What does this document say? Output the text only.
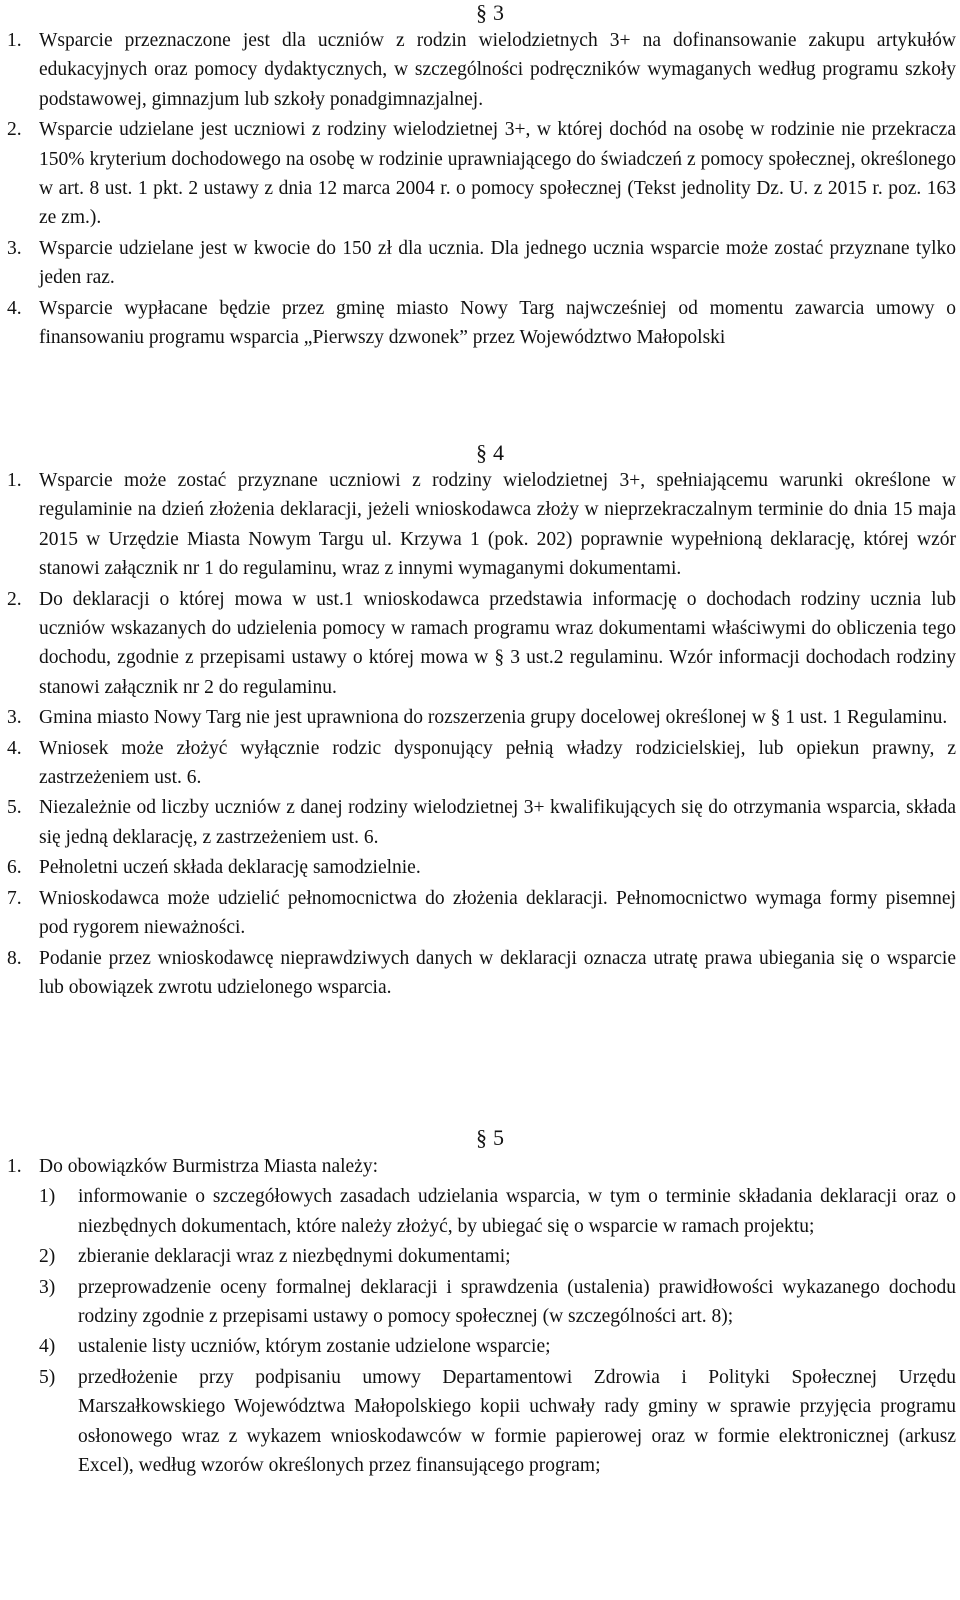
§ 3
1. Wsparcie przeznaczone jest dla uczniów z rodzin wielodzietnych 3+ na dofinansowanie zakupu artykułów edukacyjnych oraz pomocy dydaktycznych, w szczególności podręczników wymaganych według programu szkoły podstawowej, gimnazjum lub szkoły ponadgimnazjalnej.
2. Wsparcie udzielane jest uczniowi z rodziny wielodzietnej 3+, w której dochód na osobę w rodzinie nie przekracza 150% kryterium dochodowego na osobę w rodzinie uprawniającego do świadczeń z pomocy społecznej, określonego w art. 8 ust. 1 pkt. 2 ustawy z dnia 12 marca 2004 r. o pomocy społecznej (Tekst jednolity Dz. U. z 2015 r. poz. 163 ze zm.).
3. Wsparcie udzielane jest w kwocie do 150 zł dla ucznia. Dla jednego ucznia wsparcie może zostać przyznane tylko jeden raz.
4. Wsparcie wypłacane będzie przez gminę miasto Nowy Targ najwcześniej od momentu zawarcia umowy o finansowaniu programu wsparcia „Pierwszy dzwonek” przez Województwo Małopolski
§ 4
1. Wsparcie może zostać przyznane uczniowi z rodziny wielodzietnej 3+, spełniającemu warunki określone w regulaminie na dzień złożenia deklaracji, jeżeli wnioskodawca złoży w nieprzekraczalnym terminie do dnia 15 maja 2015 w Urzędzie Miasta Nowym Targu ul. Krzywa 1 (pok. 202) poprawnie wypełnioną deklarację, której wzór stanowi załącznik nr 1 do regulaminu, wraz z innymi wymaganymi dokumentami.
2. Do deklaracji o której mowa w ust.1 wnioskodawca przedstawia informację o dochodach rodziny ucznia lub uczniów wskazanych do udzielenia pomocy w ramach programu wraz dokumentami właściwymi do obliczenia tego dochodu, zgodnie z przepisami ustawy o której mowa w § 3 ust.2 regulaminu. Wzór informacji dochodach rodziny stanowi załącznik nr 2 do regulaminu.
3. Gmina miasto Nowy Targ nie jest uprawniona do rozszerzenia grupy docelowej określonej w § 1 ust. 1 Regulaminu.
4. Wniosek może złożyć wyłącznie rodzic dysponujący pełnią władzy rodzicielskiej, lub opiekun prawny, z zastrzeżeniem ust. 6.
5. Niezależnie od liczby uczniów z danej rodziny wielodzietnej 3+ kwalifikujących się do otrzymania wsparcia, składa się jedną deklarację, z zastrzeżeniem ust. 6.
6. Pełnoletni uczeń składa deklarację samodzielnie.
7. Wnioskodawca może udzielić pełnomocnictwa do złożenia deklaracji. Pełnomocnictwo wymaga formy pisemnej pod rygorem nieważności.
8. Podanie przez wnioskodawcę nieprawdziwych danych w deklaracji oznacza utratę prawa ubiegania się o wsparcie lub obowiązek zwrotu udzielonego wsparcia.
§ 5
1. Do obowiązków Burmistrza Miasta należy:
1) informowanie o szczegółowych zasadach udzielania wsparcia, w tym o terminie składania deklaracji oraz o niezbędnych dokumentach, które należy złożyć, by ubiegać się o wsparcie w ramach projektu;
2) zbieranie deklaracji wraz z niezbędnymi dokumentami;
3) przeprowadzenie oceny formalnej deklaracji i sprawdzenia (ustalenia) prawidłowości wykazanego dochodu rodziny zgodnie z przepisami ustawy o pomocy społecznej (w szczególności art. 8);
4) ustalenie listy uczniów, którym zostanie udzielone wsparcie;
5) przedłożenie przy podpisaniu umowy Departamentowi Zdrowia i Polityki Społecznej Urzędu Marszałkowskiego Województwa Małopolskiego kopii uchwały rady gminy w sprawie przyjęcia programu osłonowego wraz z wykazem wnioskodawców w formie papierowej oraz w formie elektronicznej (arkusz Excel), według wzorów określonych przez finansującego program;
